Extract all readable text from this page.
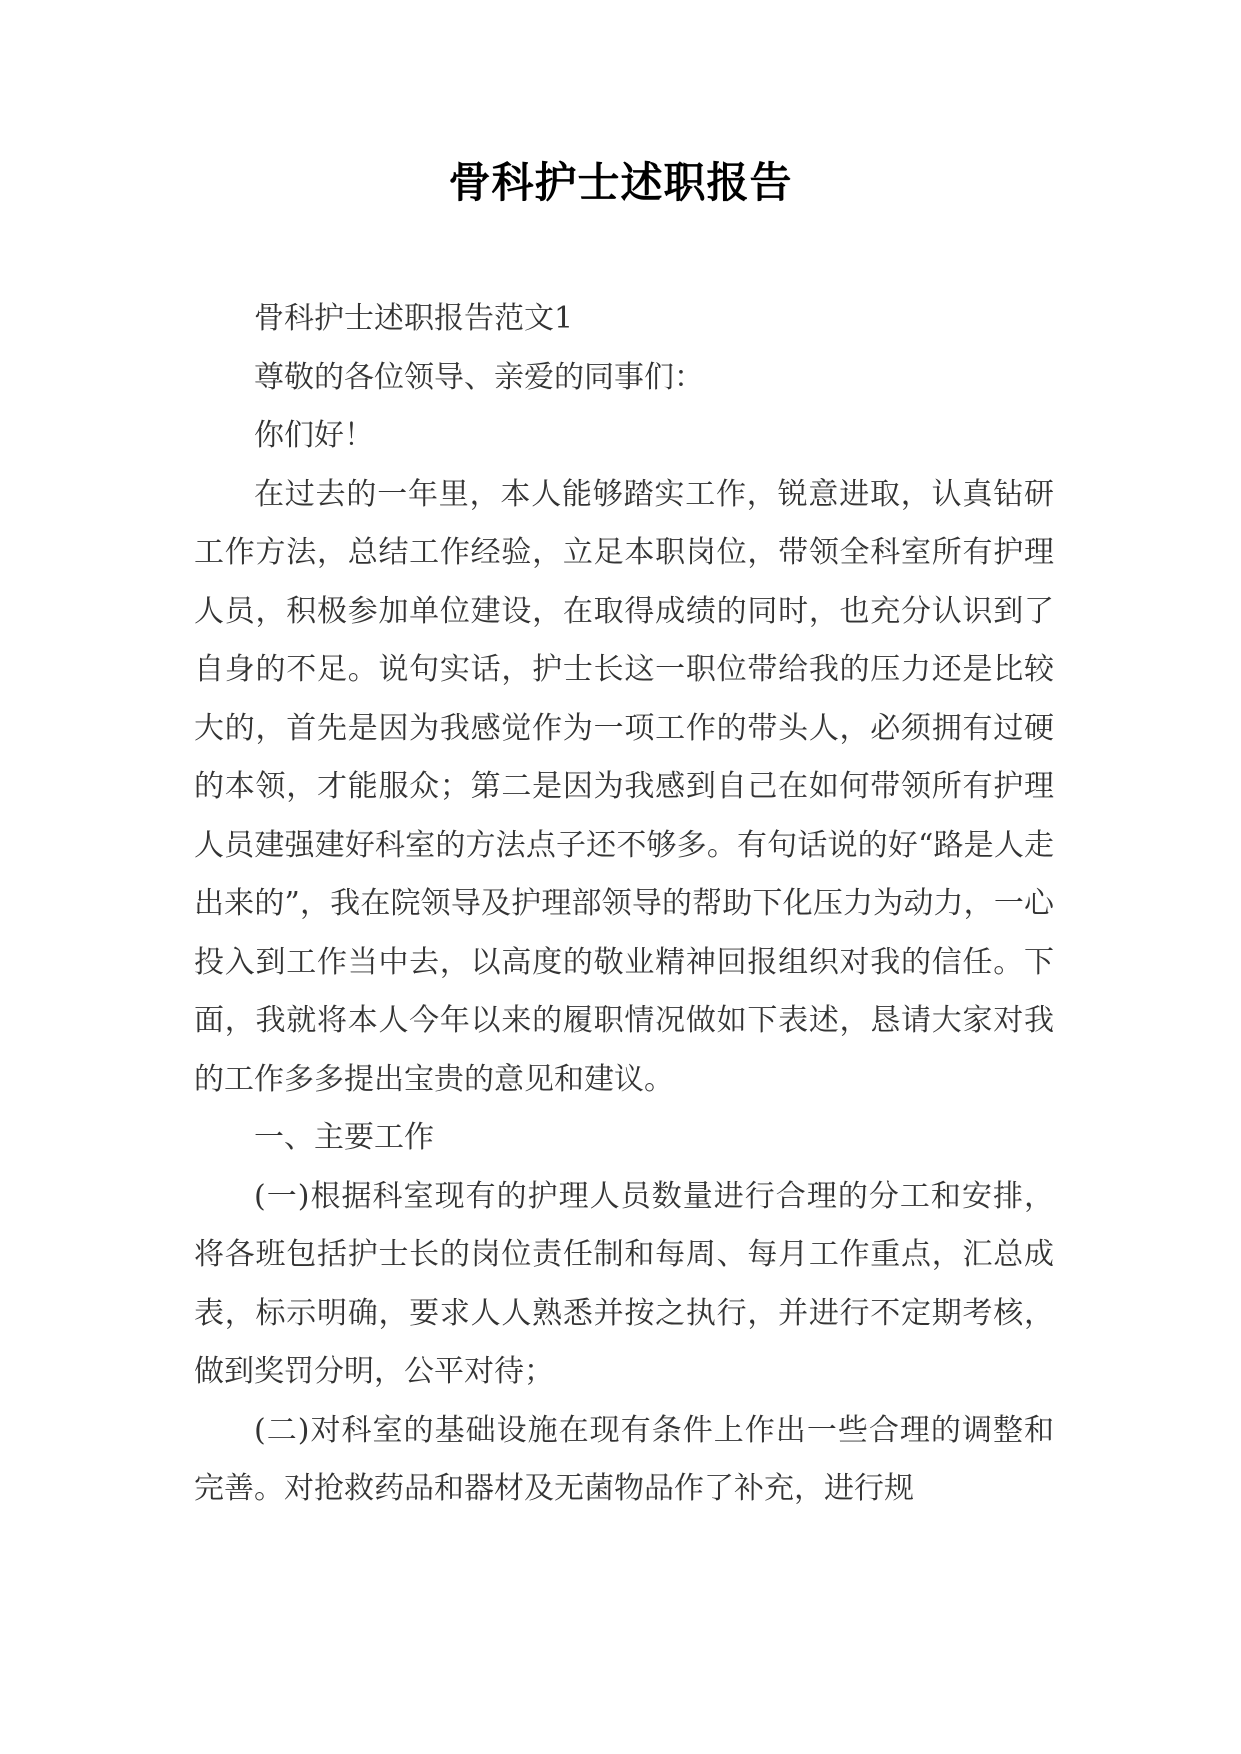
骨科护士述职报告

骨科护士述职报告范文1

尊敬的各位领导、亲爱的同事们：

你们好！

在过去的一年里，本人能够踏实工作，锐意进取，认真钻研工作方法，总结工作经验，立足本职岗位，带领全科室所有护理人员，积极参加单位建设，在取得成绩的同时，也充分认识到了自身的不足。说句实话，护士长这一职位带给我的压力还是比较大的，首先是因为我感觉作为一项工作的带头人，必须拥有过硬的本领，才能服众；第二是因为我感到自己在如何带领所有护理人员建强建好科室的方法点子还不够多。有句话说的好“路是人走出来的”，我在院领导及护理部领导的帮助下化压力为动力，一心投入到工作当中去，以高度的敬业精神回报组织对我的信任。下面，我就将本人今年以来的履职情况做如下表述，恳请大家对我的工作多多提出宝贵的意见和建议。

一、主要工作

(一)根据科室现有的护理人员数量进行合理的分工和安排，将各班包括护士长的岗位责任制和每周、每月工作重点，汇总成表，标示明确，要求人人熟悉并按之执行，并进行不定期考核，做到奖罚分明，公平对待；

(二)对科室的基础设施在现有条件上作出一些合理的调整和完善。对抢救药品和器材及无菌物品作了补充，进行规
